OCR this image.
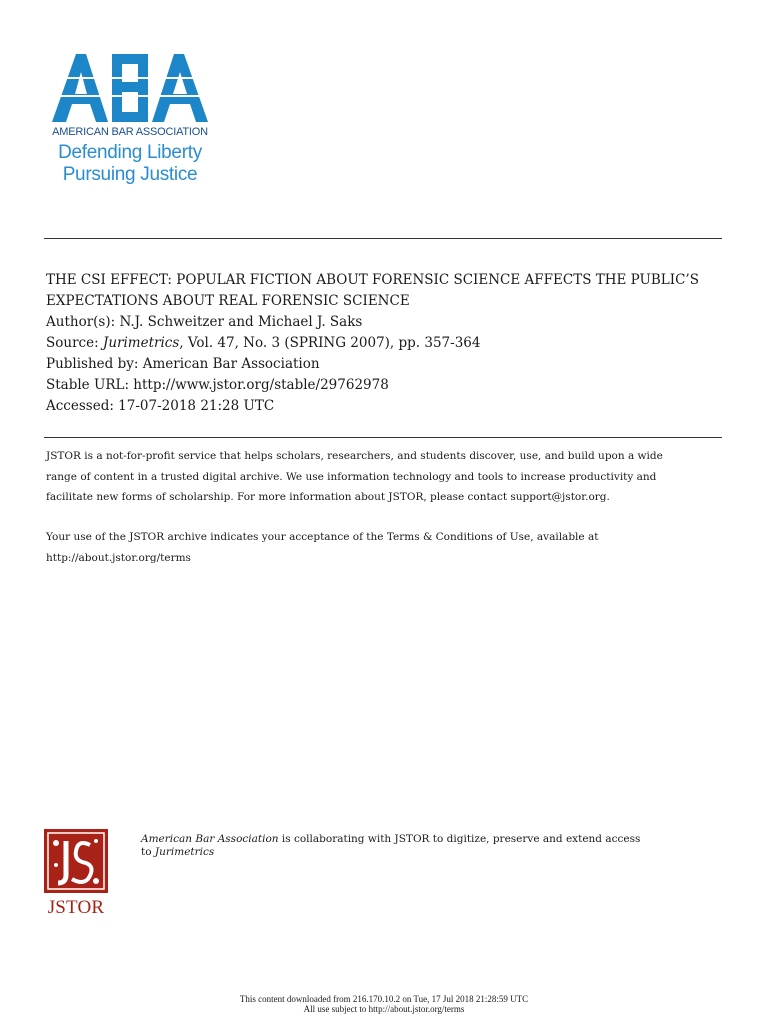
AMERICAN BAR ASSOCIATION
Defending Liberty
Pursuing Justice
THE CSI EFFECT: POPULAR FICTION ABOUT FORENSIC SCIENCE AFFECTS THE PUBLIC’S
EXPECTATIONS ABOUT REAL FORENSIC SCIENCE
Author(s): N.J. Schweitzer and Michael J. Saks
Source: Jurimetrics, Vol. 47, No. 3 (SPRING 2007), pp. 357-364
Published by: American Bar Association
Stable URL: http://www.jstor.org/stable/29762978
Accessed: 17-07-2018 21:28 UTC
JSTOR is a not-for-profit service that helps scholars, researchers, and students discover, use, and build upon a wide
range of content in a trusted digital archive. We use information technology and tools to increase productivity and
facilitate new forms of scholarship. For more information about JSTOR, please contact support@jstor.org.
Your use of the JSTOR archive indicates your acceptance of the Terms & Conditions of Use, available at
http://about.jstor.org/terms
JSTOR
American Bar Association is collaborating with JSTOR to digitize, preserve and extend access
to Jurimetrics
This content downloaded from 216.170.10.2 on Tue, 17 Jul 2018 21:28:59 UTC
All use subject to http://about.jstor.org/terms
